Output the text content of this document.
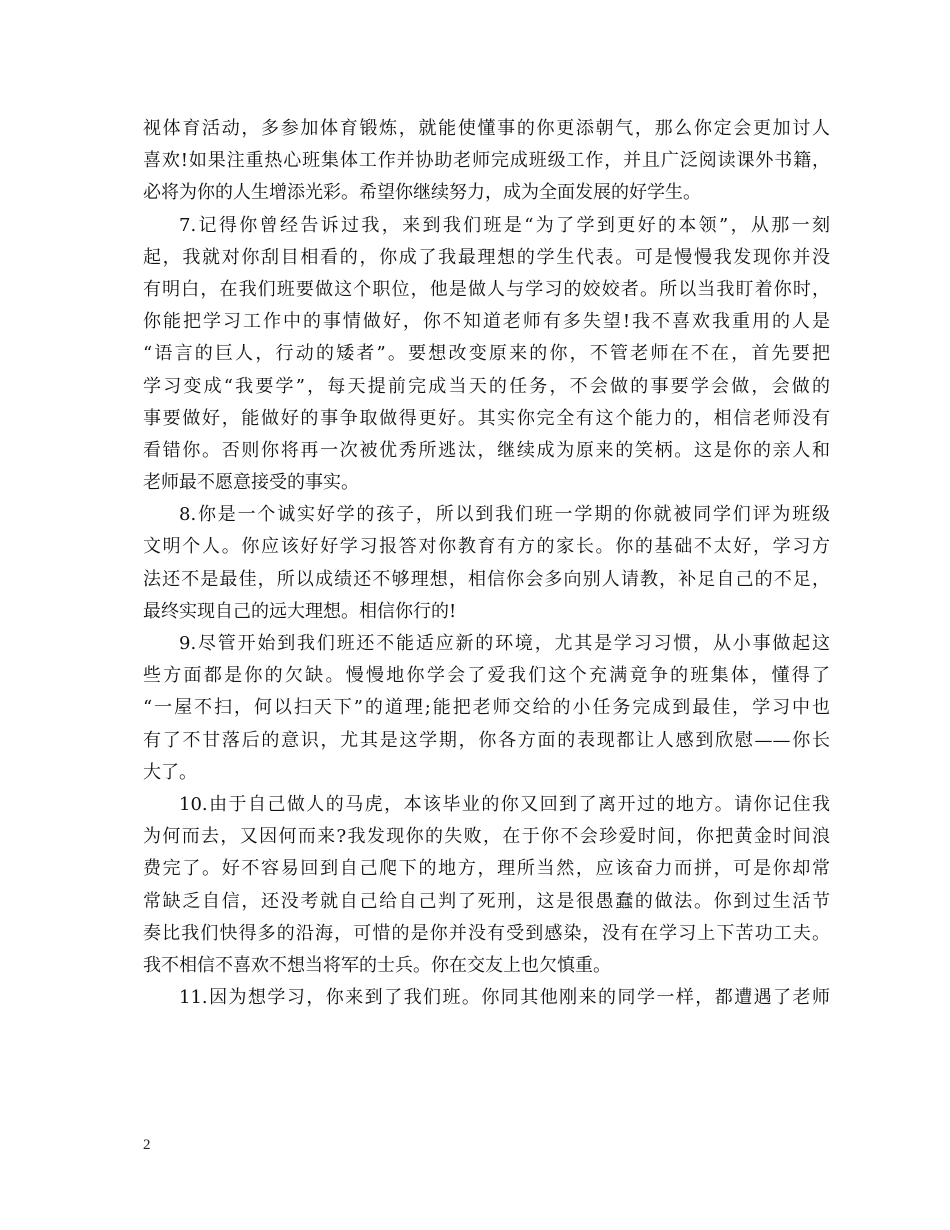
视体育活动，多参加体育锻炼，就能使懂事的你更添朝气，那么你定会更加讨人
喜欢!如果注重热心班集体工作并协助老师完成班级工作，并且广泛阅读课外书籍，
必将为你的人生增添光彩。希望你继续努力，成为全面发展的好学生。
7.记得你曾经告诉过我，来到我们班是“为了学到更好的本领”，从那一刻
起，我就对你刮目相看的，你成了我最理想的学生代表。可是慢慢我发现你并没
有明白，在我们班要做这个职位，他是做人与学习的姣姣者。所以当我盯着你时，
你能把学习工作中的事情做好，你不知道老师有多失望!我不喜欢我重用的人是
“语言的巨人，行动的矮者”。要想改变原来的你，不管老师在不在，首先要把
学习变成“我要学”，每天提前完成当天的任务，不会做的事要学会做，会做的
事要做好，能做好的事争取做得更好。其实你完全有这个能力的，相信老师没有
看错你。否则你将再一次被优秀所逃汰，继续成为原来的笑柄。这是你的亲人和
老师最不愿意接受的事实。
8.你是一个诚实好学的孩子，所以到我们班一学期的你就被同学们评为班级
文明个人。你应该好好学习报答对你教育有方的家长。你的基础不太好，学习方
法还不是最佳，所以成绩还不够理想，相信你会多向别人请教，补足自己的不足，
最终实现自己的远大理想。相信你行的!
9.尽管开始到我们班还不能适应新的环境，尤其是学习习惯，从小事做起这
些方面都是你的欠缺。慢慢地你学会了爱我们这个充满竟争的班集体，懂得了
“一屋不扫，何以扫天下”的道理;能把老师交给的小任务完成到最佳，学习中也
有了不甘落后的意识，尤其是这学期，你各方面的表现都让人感到欣慰——你长
大了。
10.由于自己做人的马虎，本该毕业的你又回到了离开过的地方。请你记住我
为何而去，又因何而来?我发现你的失败，在于你不会珍爱时间，你把黄金时间浪
费完了。好不容易回到自己爬下的地方，理所当然，应该奋力而拼，可是你却常
常缺乏自信，还没考就自己给自己判了死刑，这是很愚蠢的做法。你到过生活节
奏比我们快得多的沿海，可惜的是你并没有受到感染，没有在学习上下苦功工夫。
我不相信不喜欢不想当将军的士兵。你在交友上也欠慎重。
11.因为想学习，你来到了我们班。你同其他刚来的同学一样，都遭遇了老师
2
